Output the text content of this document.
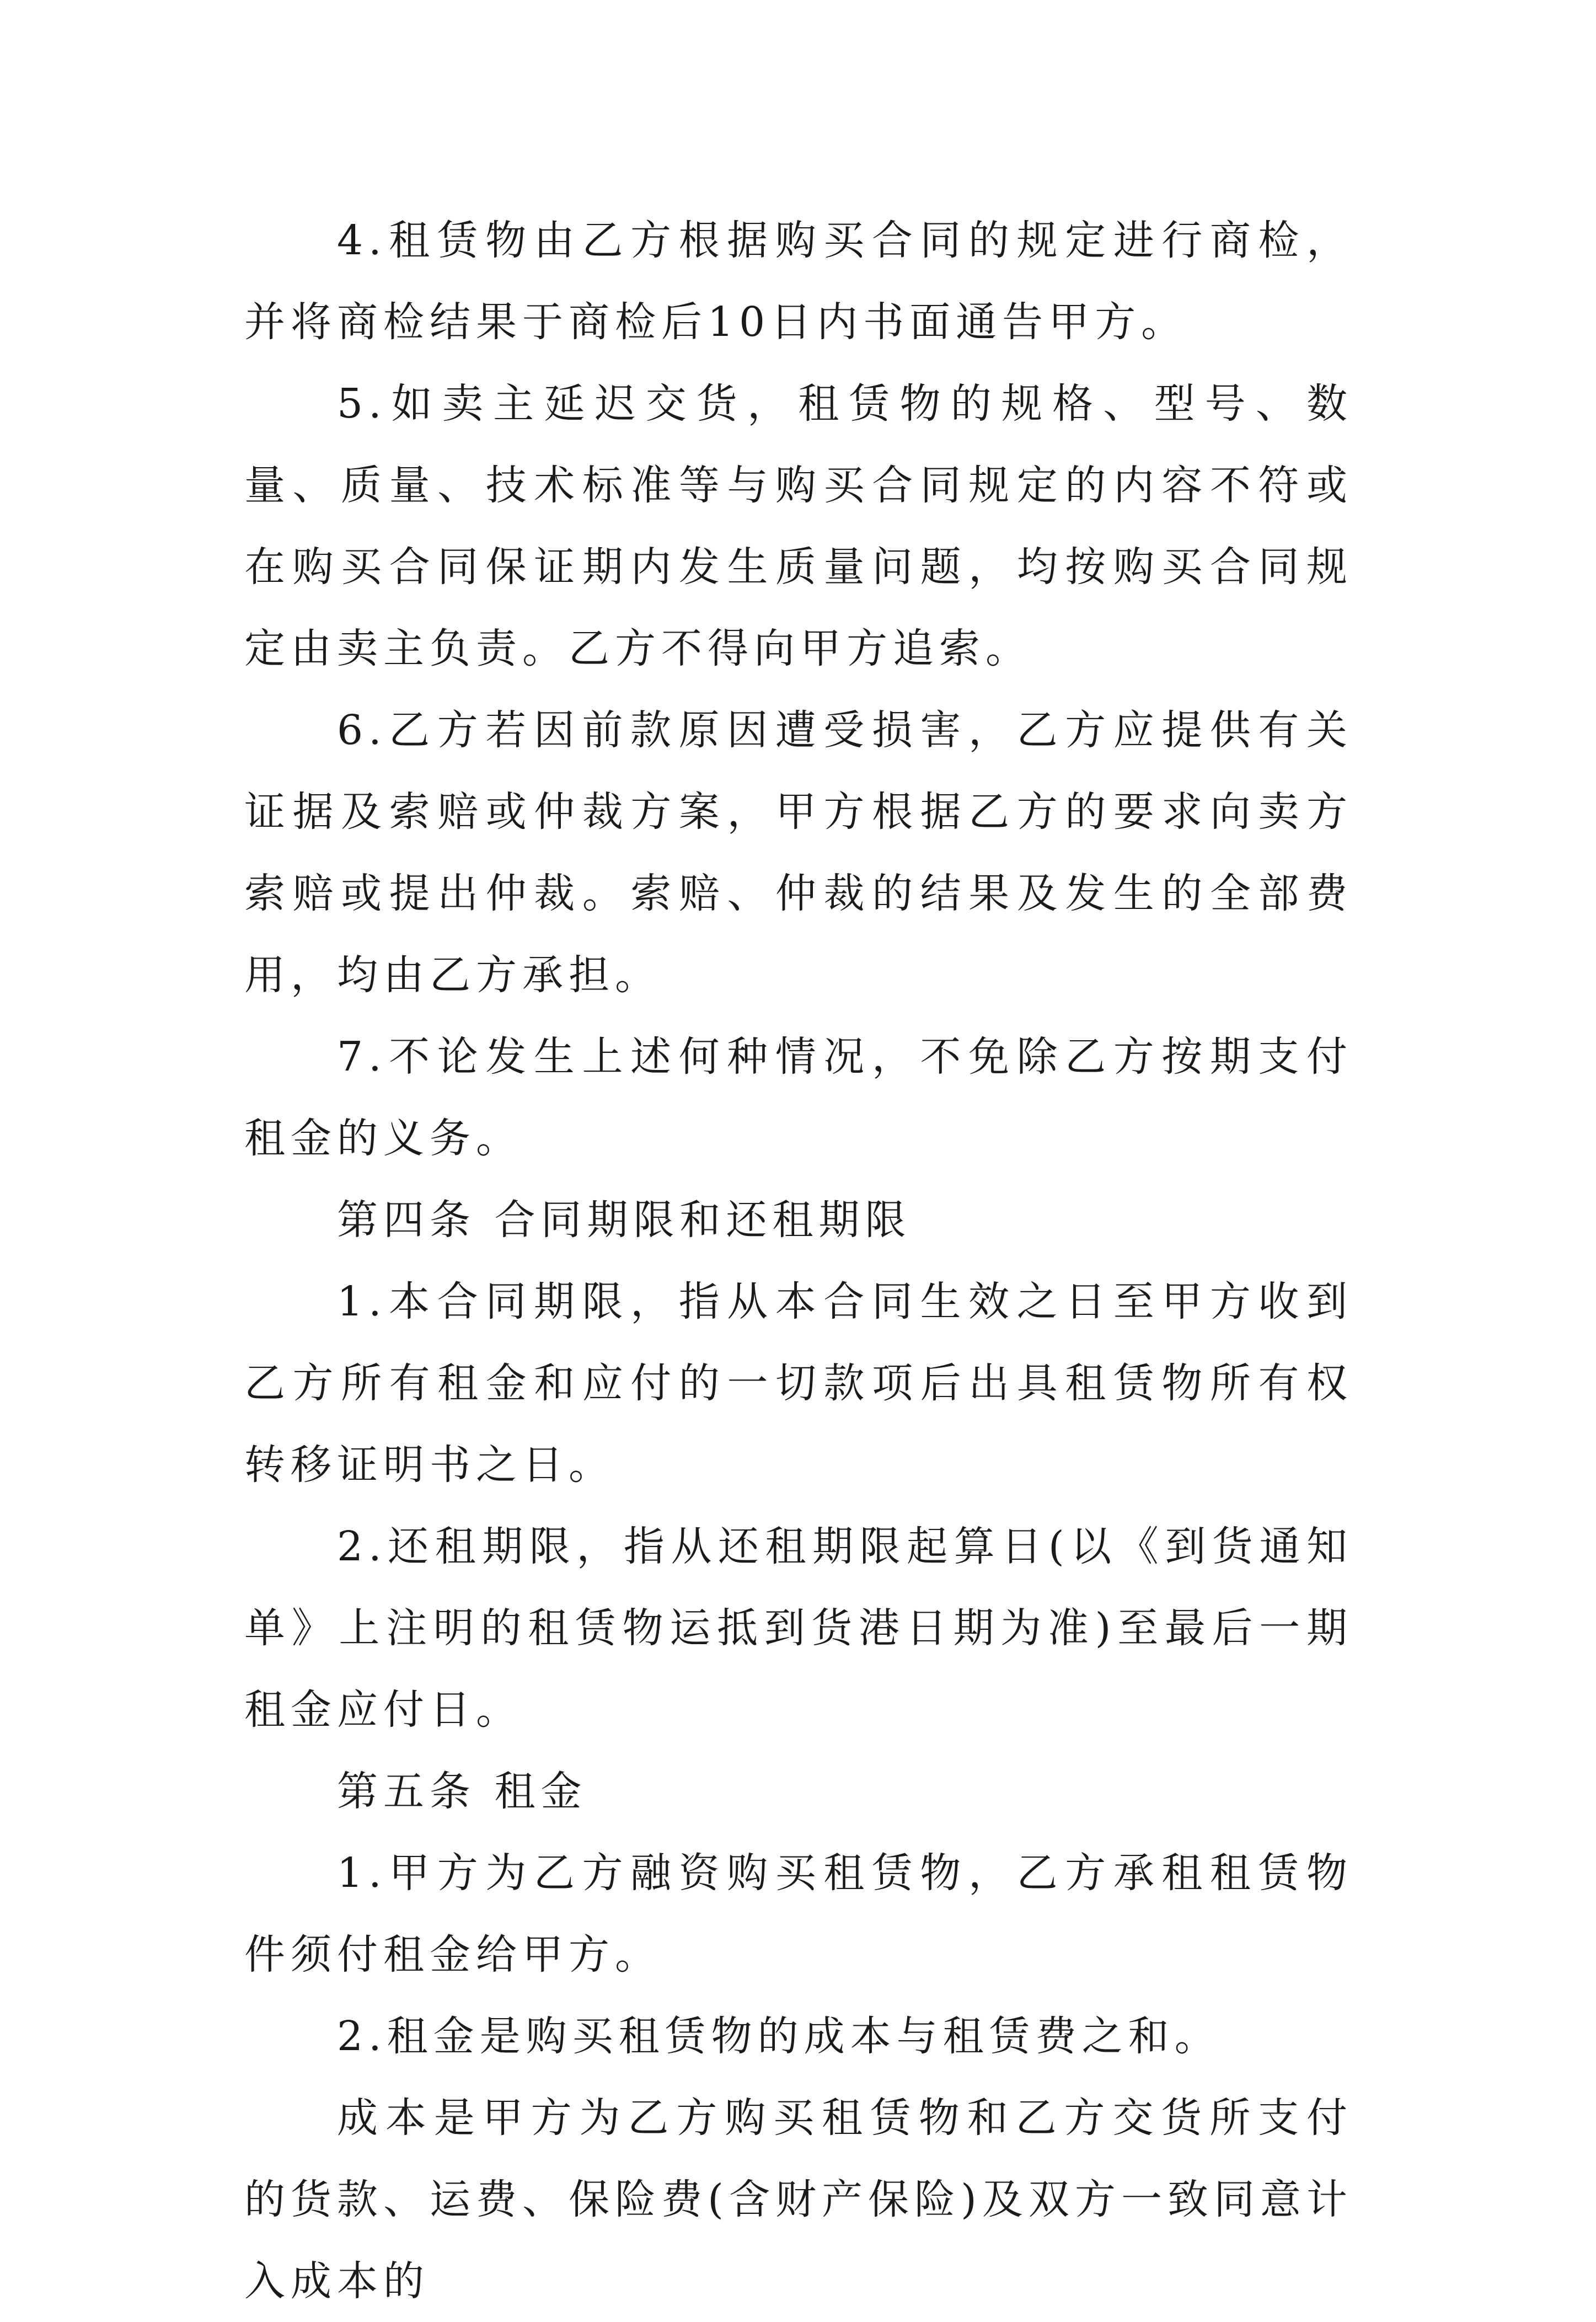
4.租赁物由乙方根据购买合同的规定进行商检，并将商检结果于商检后10日内书面通告甲方。

5.如卖主延迟交货，租赁物的规格、型号、数量、质量、技术标准等与购买合同规定的内容不符或在购买合同保证期内发生质量问题，均按购买合同规定由卖主负责。乙方不得向甲方追索。

6.乙方若因前款原因遭受损害，乙方应提供有关证据及索赔或仲裁方案，甲方根据乙方的要求向卖方索赔或提出仲裁。索赔、仲裁的结果及发生的全部费用，均由乙方承担。

7.不论发生上述何种情况，不免除乙方按期支付租金的义务。

第四条 合同期限和还租期限

1.本合同期限，指从本合同生效之日至甲方收到乙方所有租金和应付的一切款项后出具租赁物所有权转移证明书之日。

2.还租期限，指从还租期限起算日(以《到货通知单》上注明的租赁物运抵到货港日期为准)至最后一期租金应付日。

第五条 租金

1.甲方为乙方融资购买租赁物，乙方承租租赁物件须付租金给甲方。

2.租金是购买租赁物的成本与租赁费之和。

成本是甲方为乙方购买租赁物和乙方交货所支付的货款、运费、保险费(含财产保险)及双方一致同意计入成本的
